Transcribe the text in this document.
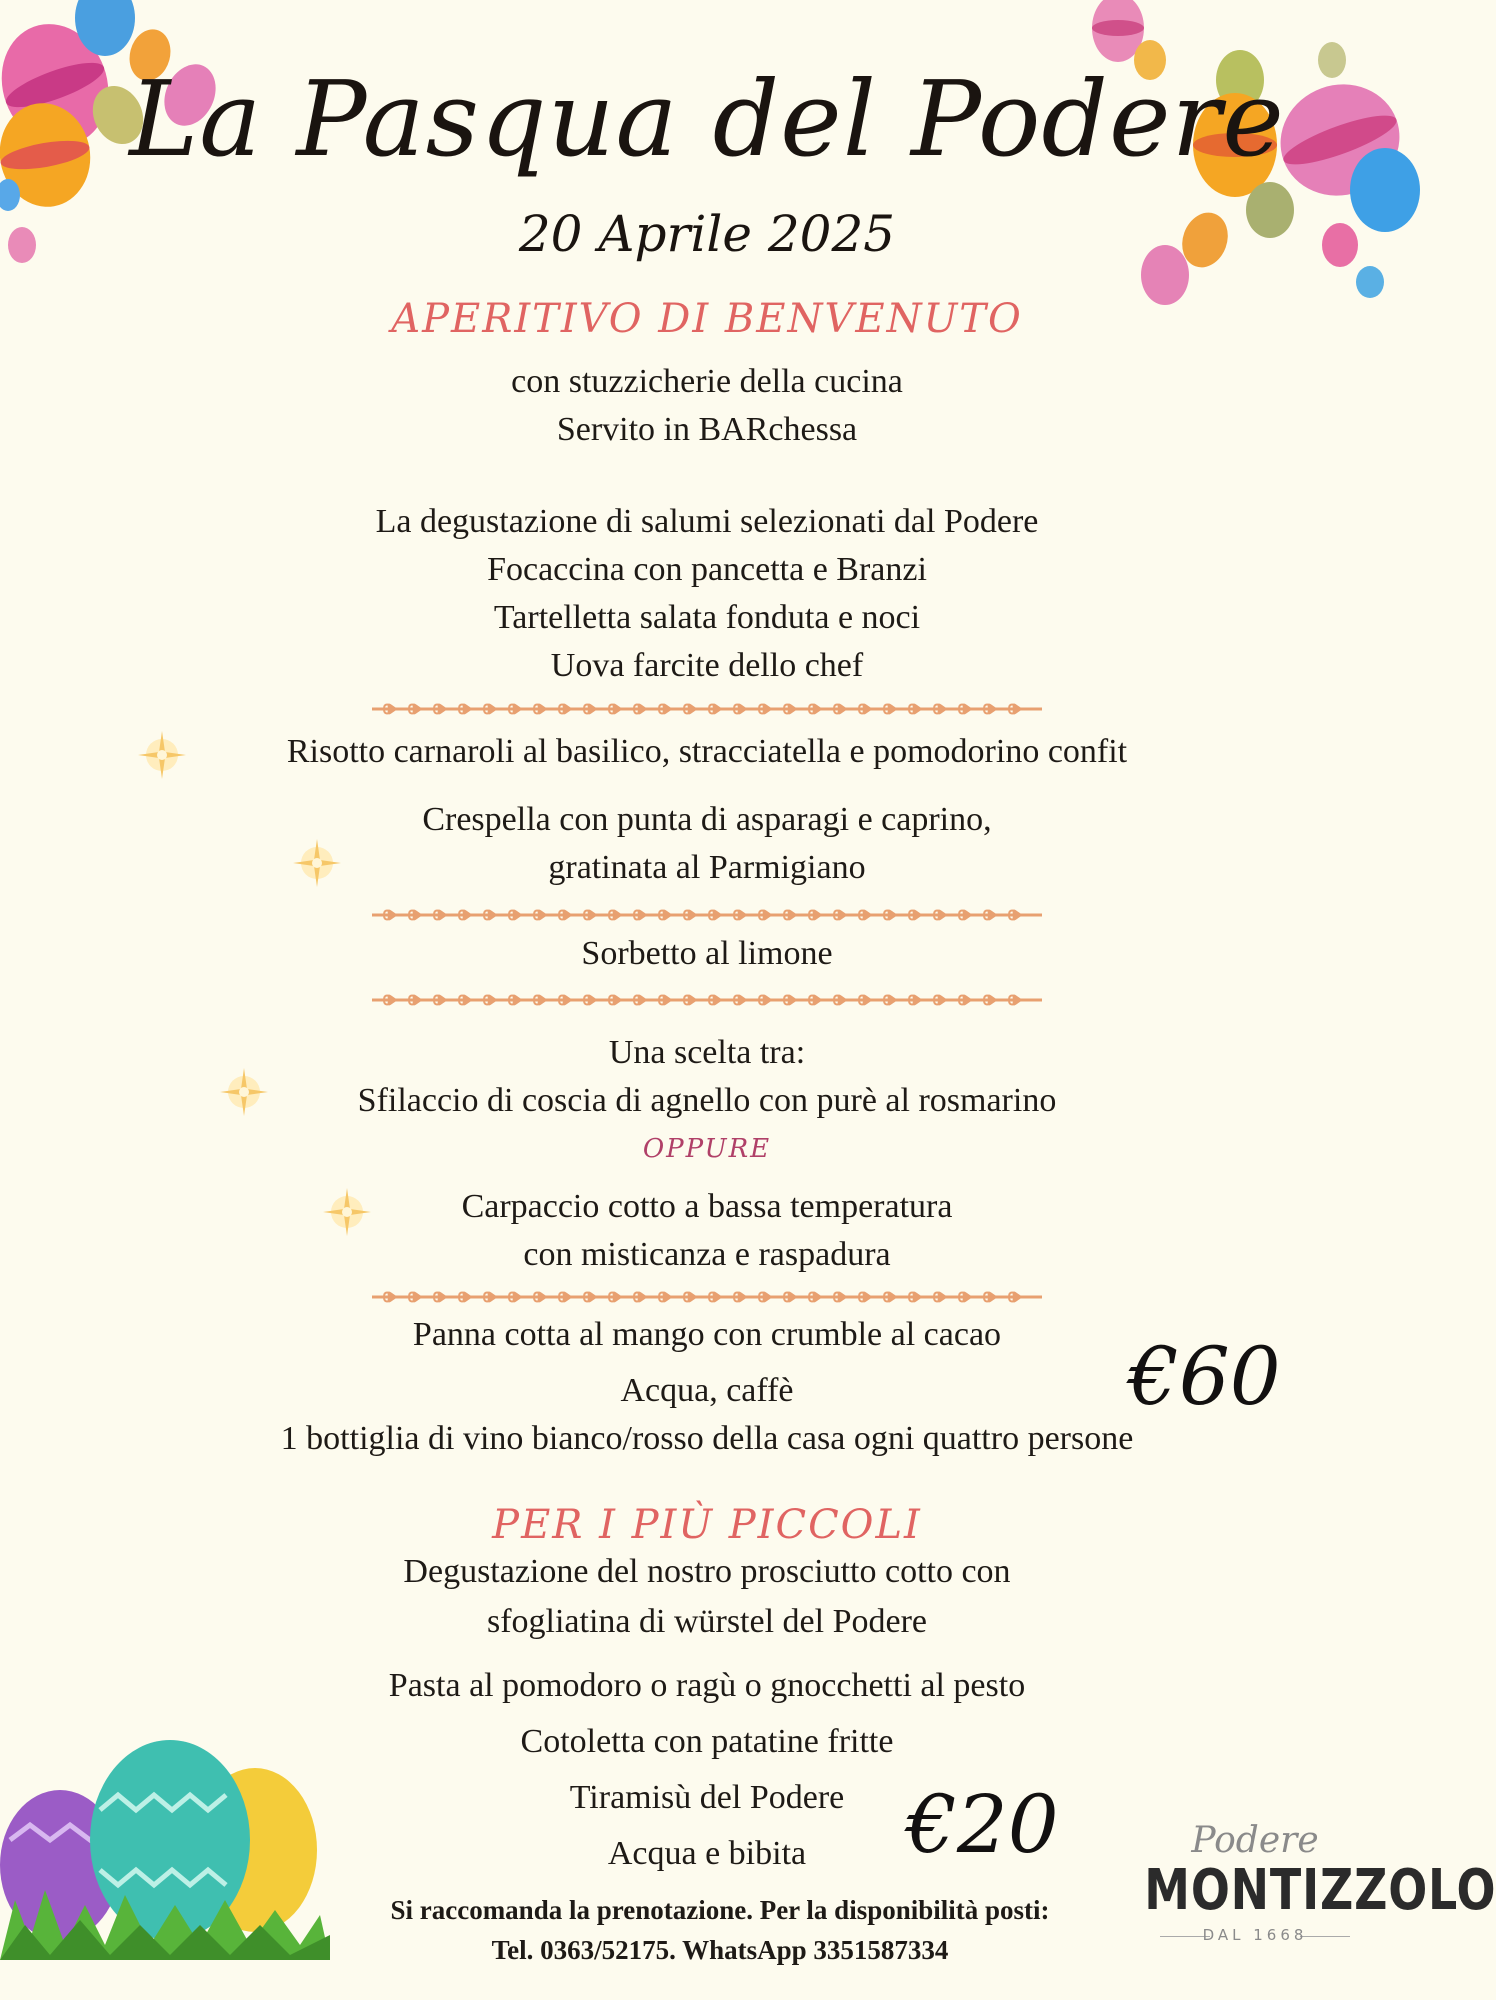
La Pasqua del Podere
20 Aprile 2025
APERITIVO DI BENVENUTO
con stuzzicherie della cucina
Servito in BARchessa
La degustazione di salumi selezionati dal Podere
Focaccina con pancetta e Branzi
Tartelletta salata fonduta e noci
Uova farcite dello chef
Risotto carnaroli al basilico, stracciatella e pomodorino confit
Crespella con punta di asparagi e caprino,
gratinata al Parmigiano
Sorbetto al limone
Una scelta tra:
Sfilaccio di coscia di agnello con purè al rosmarino
OPPURE
Carpaccio cotto a bassa temperatura
con misticanza e raspadura
Panna cotta al mango con crumble al cacao
Acqua, caffè
1 bottiglia di vino bianco/rosso della casa ogni quattro persone
€60
PER I PIÙ PICCOLI
Degustazione del nostro prosciutto cotto con
sfogliatina di würstel del Podere
Pasta al pomodoro o ragù o gnocchetti al pesto
Cotoletta con patatine fritte
Tiramisù del Podere
Acqua e bibita	€20
Si raccomanda la prenotazione. Per la disponibilità posti:
Tel. 0363/52175. WhatsApp 3351587334
Podere
MONTIZZOLO
DAL 1668
